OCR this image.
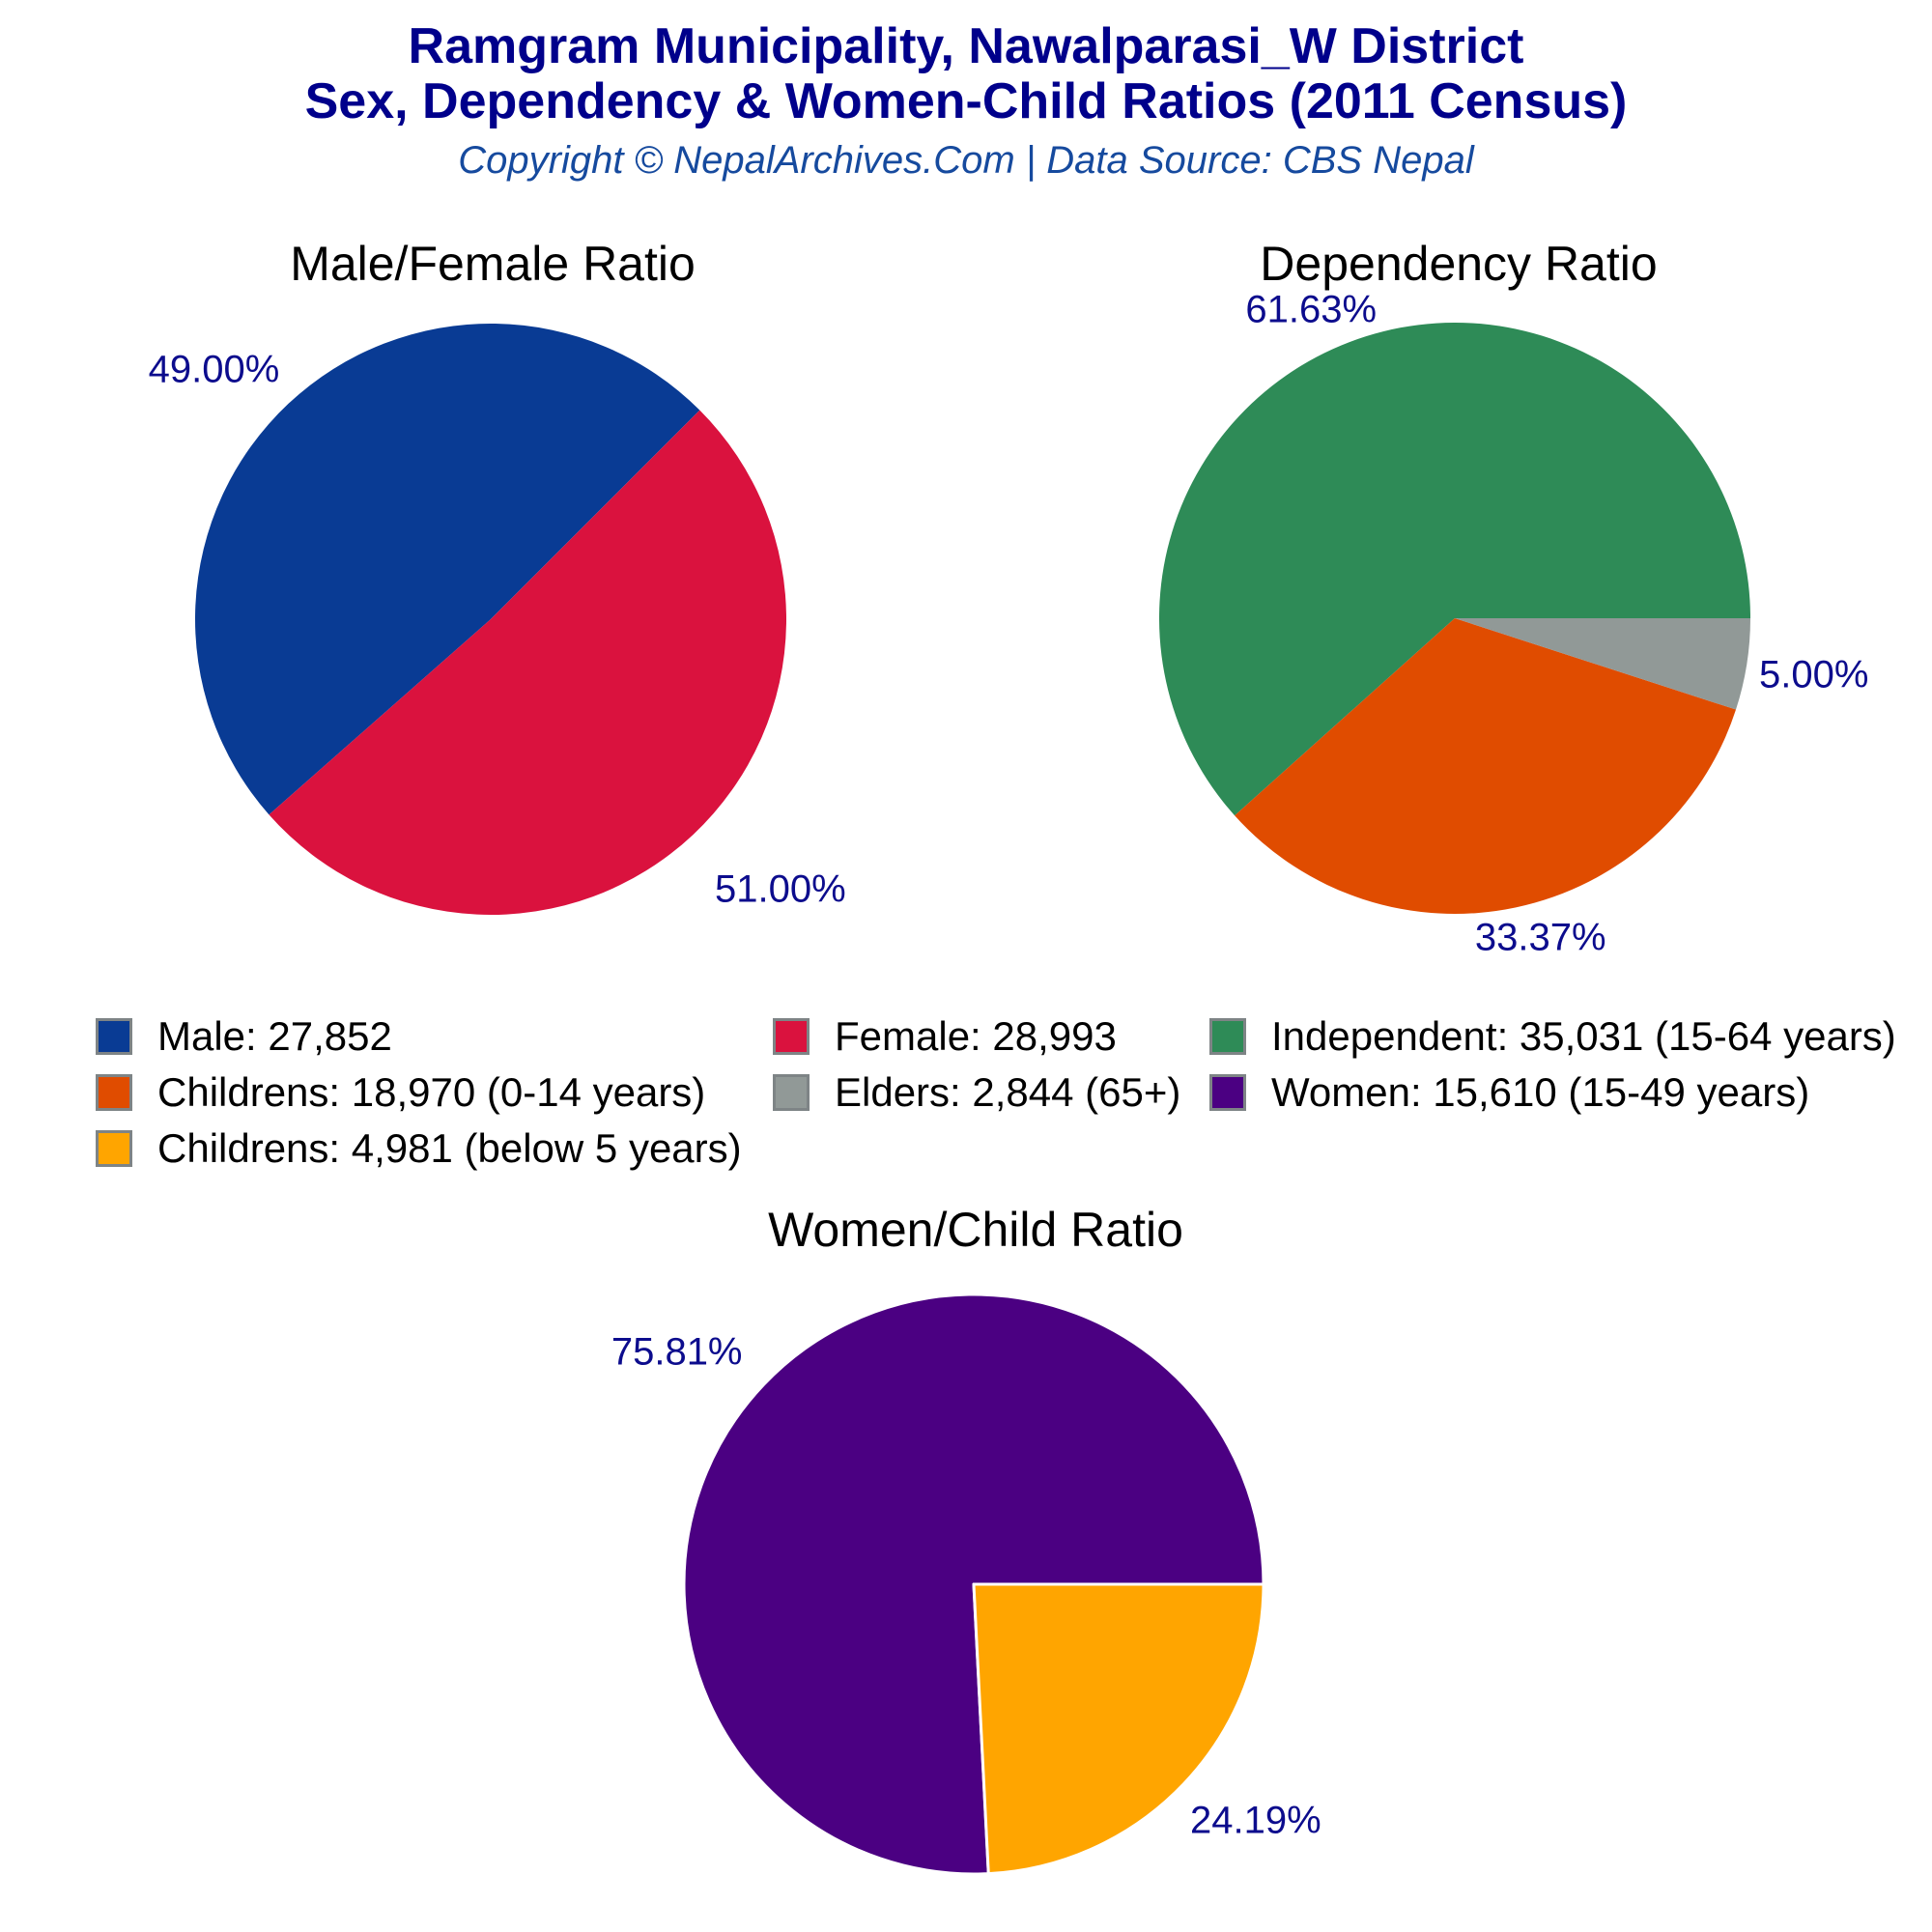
Ramgram Municipality, Nawalparasi_W District
Sex, Dependency & Women-Child Ratios (2011 Census)
Copyright © NepalArchives.Com | Data Source: CBS Nepal
Male/Female Ratio
49.00%
51.00%
Dependency Ratio
61.63%
33.37%
5.00%
Women/Child Ratio
75.81%
24.19%
Male: 27,852	Female: 28,993	Independent: 35,031 (15-64 years)
Childrens: 18,970 (0-14 years)	Elders: 2,844 (65+) Women: 15,610 (15-49 years)
Childrens: 4,981 (below 5 years)
